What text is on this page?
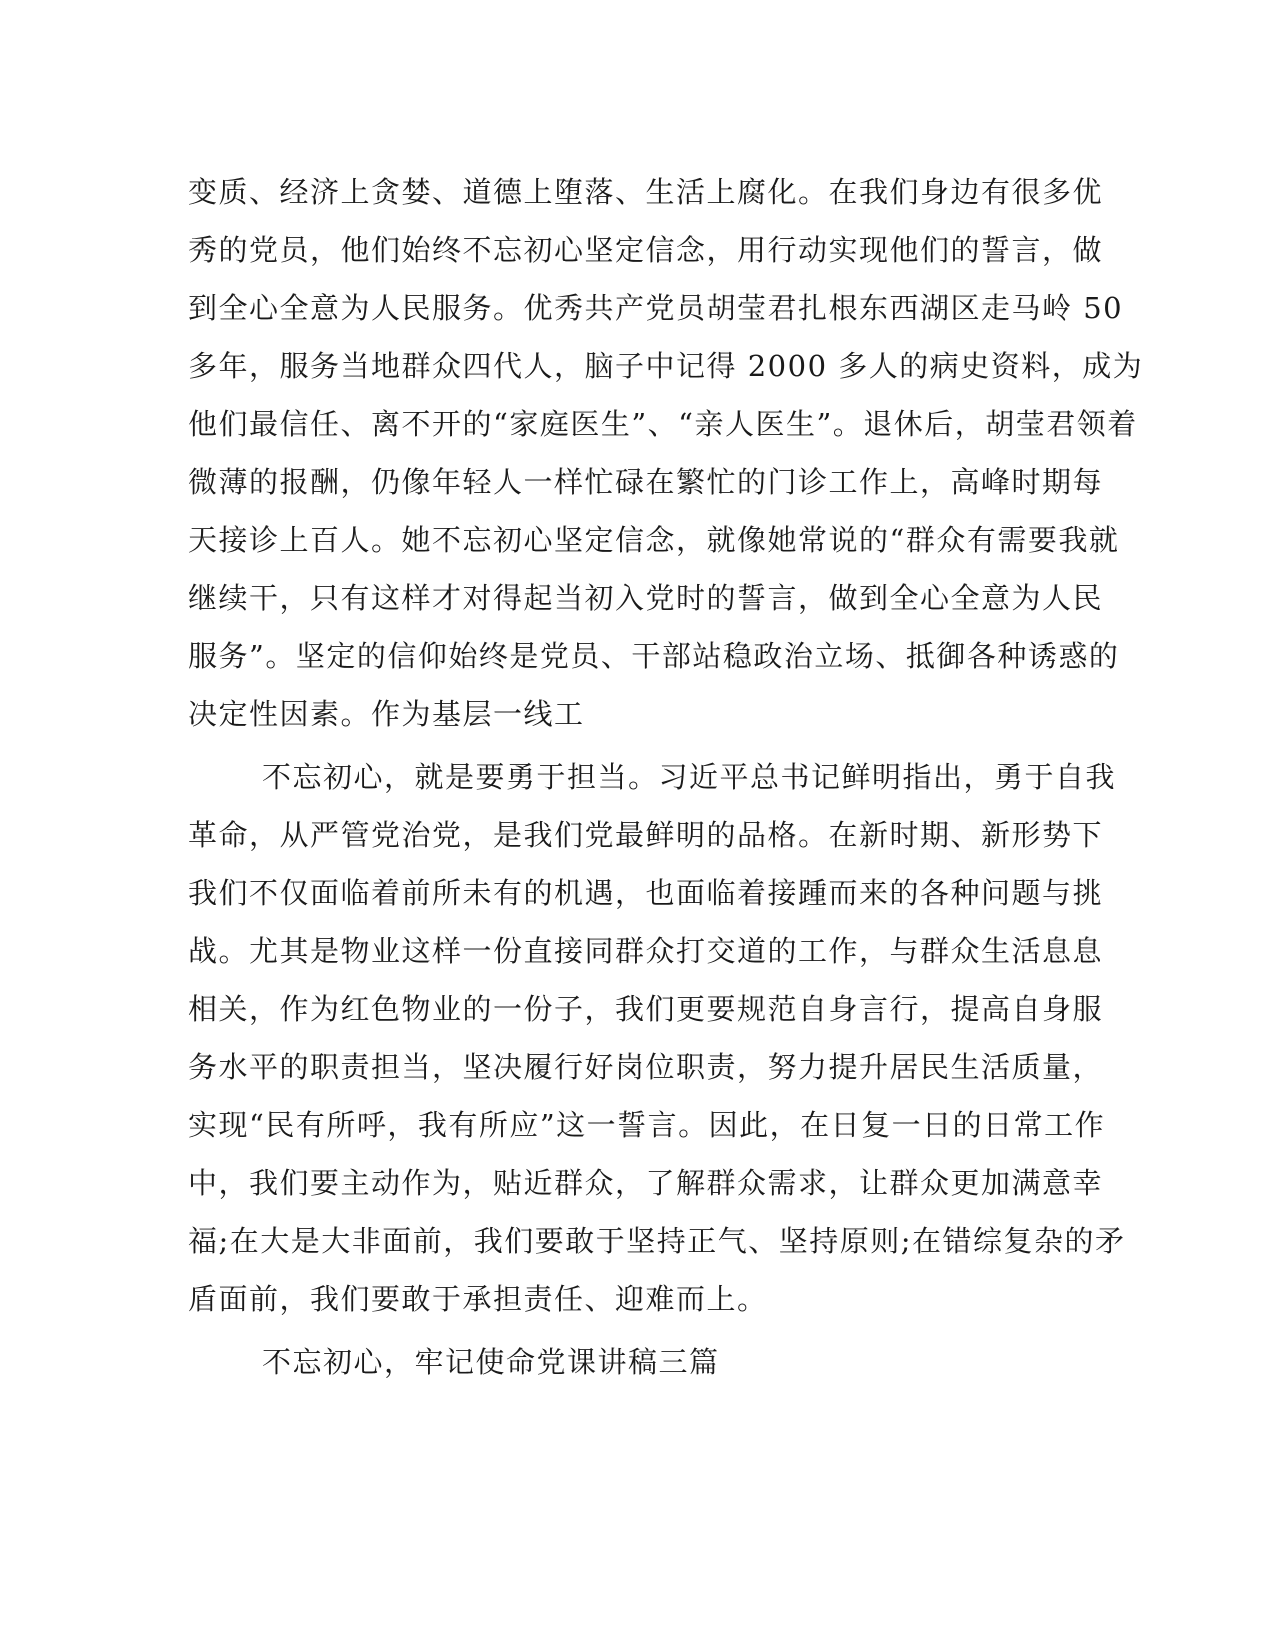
变质、经济上贪婪、道德上堕落、生活上腐化。在我们身边有很多优
秀的党员，他们始终不忘初心坚定信念，用行动实现他们的誓言，做
到全心全意为人民服务。优秀共产党员胡莹君扎根东西湖区走马岭 50
多年，服务当地群众四代人，脑子中记得 2000 多人的病史资料，成为
他们最信任、离不开的“家庭医生”、“亲人医生”。退休后，胡莹君领着
微薄的报酬，仍像年轻人一样忙碌在繁忙的门诊工作上，高峰时期每
天接诊上百人。她不忘初心坚定信念，就像她常说的“群众有需要我就
继续干，只有这样才对得起当初入党时的誓言，做到全心全意为人民
服务”。坚定的信仰始终是党员、干部站稳政治立场、抵御各种诱惑的
决定性因素。作为基层一线工
不忘初心，就是要勇于担当。习近平总书记鲜明指出，勇于自我
革命，从严管党治党，是我们党最鲜明的品格。在新时期、新形势下
我们不仅面临着前所未有的机遇，也面临着接踵而来的各种问题与挑
战。尤其是物业这样一份直接同群众打交道的工作，与群众生活息息
相关，作为红色物业的一份子，我们更要规范自身言行，提高自身服
务水平的职责担当，坚决履行好岗位职责，努力提升居民生活质量，
实现“民有所呼，我有所应”这一誓言。因此，在日复一日的日常工作
中，我们要主动作为，贴近群众，了解群众需求，让群众更加满意幸
福;在大是大非面前，我们要敢于坚持正气、坚持原则;在错综复杂的矛
盾面前，我们要敢于承担责任、迎难而上。
不忘初心，牢记使命党课讲稿三篇
